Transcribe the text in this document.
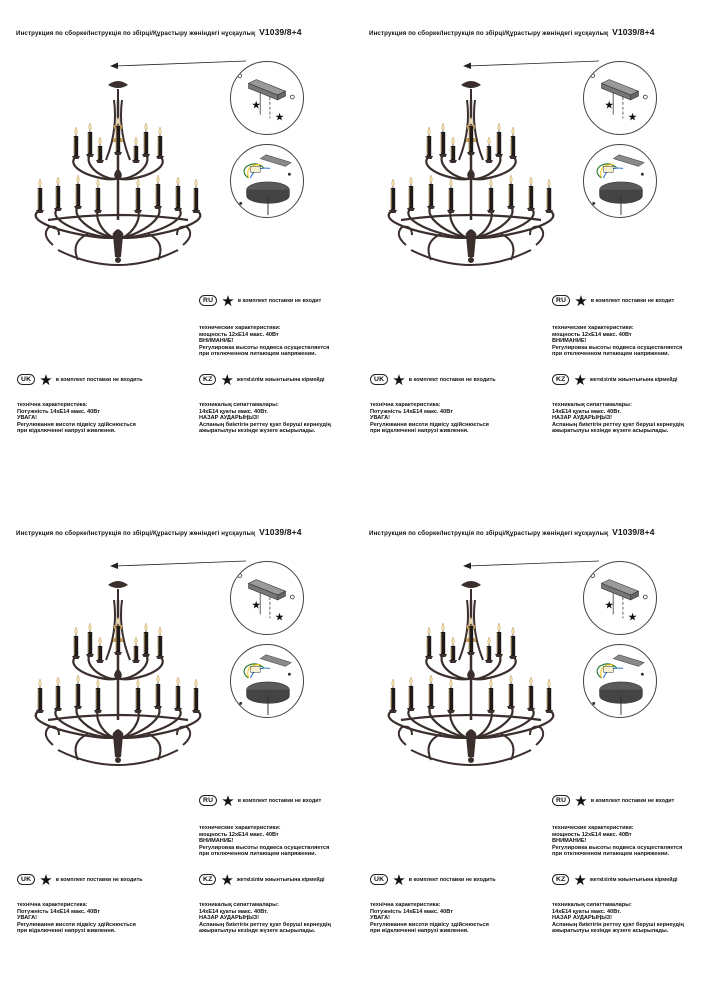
Инструкция по сборке/Інструкція по збірці/Құрастыру жөніндегі нұсқаулық V1039/8+4
★
★
RU ★ в комплект поставки не входит
технические характеристики:
мощность 12хЕ14 макс. 40Вт
ВНИМАНИЕ!
Регулировка высоты подвеса осуществляется
при отключенном питающем напряжении.
UK ★ в комплект поставки не входить
технічна характеристика:
Потужність 14хЕ14 макс. 40Вт
УВАГА!
Регулювання висоти підвісу здійснюється
при відключенні напрузі живлення.
KZ ★ жеткізілім жиынтығына кірмейді
техникалық сипаттамалары:
14хЕ14 қуаты макс. 40Вт.
НАЗАР АУДАРЫҢЫЗ!
Аспаның биіктігін реттеу қуат беруші кернеудің
ажыратылуы кезінде жүзеге асырылады.
Инструкция по сборке/Інструкція по збірці/Құрастыру жөніндегі нұсқаулық V1039/8+4
★
★
RU ★ в комплект поставки не входит
технические характеристики:
мощность 12хЕ14 макс. 40Вт
ВНИМАНИЕ!
Регулировка высоты подвеса осуществляется
при отключенном питающем напряжении.
UK ★ в комплект поставки не входить
технічна характеристика:
Потужність 14хЕ14 макс. 40Вт
УВАГА!
Регулювання висоти підвісу здійснюється
при відключенні напрузі живлення.
KZ ★ жеткізілім жиынтығына кірмейді
техникалық сипаттамалары:
14хЕ14 қуаты макс. 40Вт.
НАЗАР АУДАРЫҢЫЗ!
Аспаның биіктігін реттеу қуат беруші кернеудің
ажыратылуы кезінде жүзеге асырылады.
Инструкция по сборке/Інструкція по збірці/Құрастыру жөніндегі нұсқаулық V1039/8+4
★
★
RU ★ в комплект поставки не входит
технические характеристики:
мощность 12хЕ14 макс. 40Вт
ВНИМАНИЕ!
Регулировка высоты подвеса осуществляется
при отключенном питающем напряжении.
UK ★ в комплект поставки не входить
технічна характеристика:
Потужність 14хЕ14 макс. 40Вт
УВАГА!
Регулювання висоти підвісу здійснюється
при відключенні напрузі живлення.
KZ ★ жеткізілім жиынтығына кірмейді
техникалық сипаттамалары:
14хЕ14 қуаты макс. 40Вт.
НАЗАР АУДАРЫҢЫЗ!
Аспаның биіктігін реттеу қуат беруші кернеудің
ажыратылуы кезінде жүзеге асырылады.
Инструкция по сборке/Інструкція по збірці/Құрастыру жөніндегі нұсқаулық V1039/8+4
★
★
RU ★ в комплект поставки не входит
технические характеристики:
мощность 12хЕ14 макс. 40Вт
ВНИМАНИЕ!
Регулировка высоты подвеса осуществляется
при отключенном питающем напряжении.
UK ★ в комплект поставки не входить
технічна характеристика:
Потужність 14хЕ14 макс. 40Вт
УВАГА!
Регулювання висоти підвісу здійснюється
при відключенні напрузі живлення.
KZ ★ жеткізілім жиынтығына кірмейді
техникалық сипаттамалары:
14хЕ14 қуаты макс. 40Вт.
НАЗАР АУДАРЫҢЫЗ!
Аспаның биіктігін реттеу қуат беруші кернеудің
ажыратылуы кезінде жүзеге асырылады.
